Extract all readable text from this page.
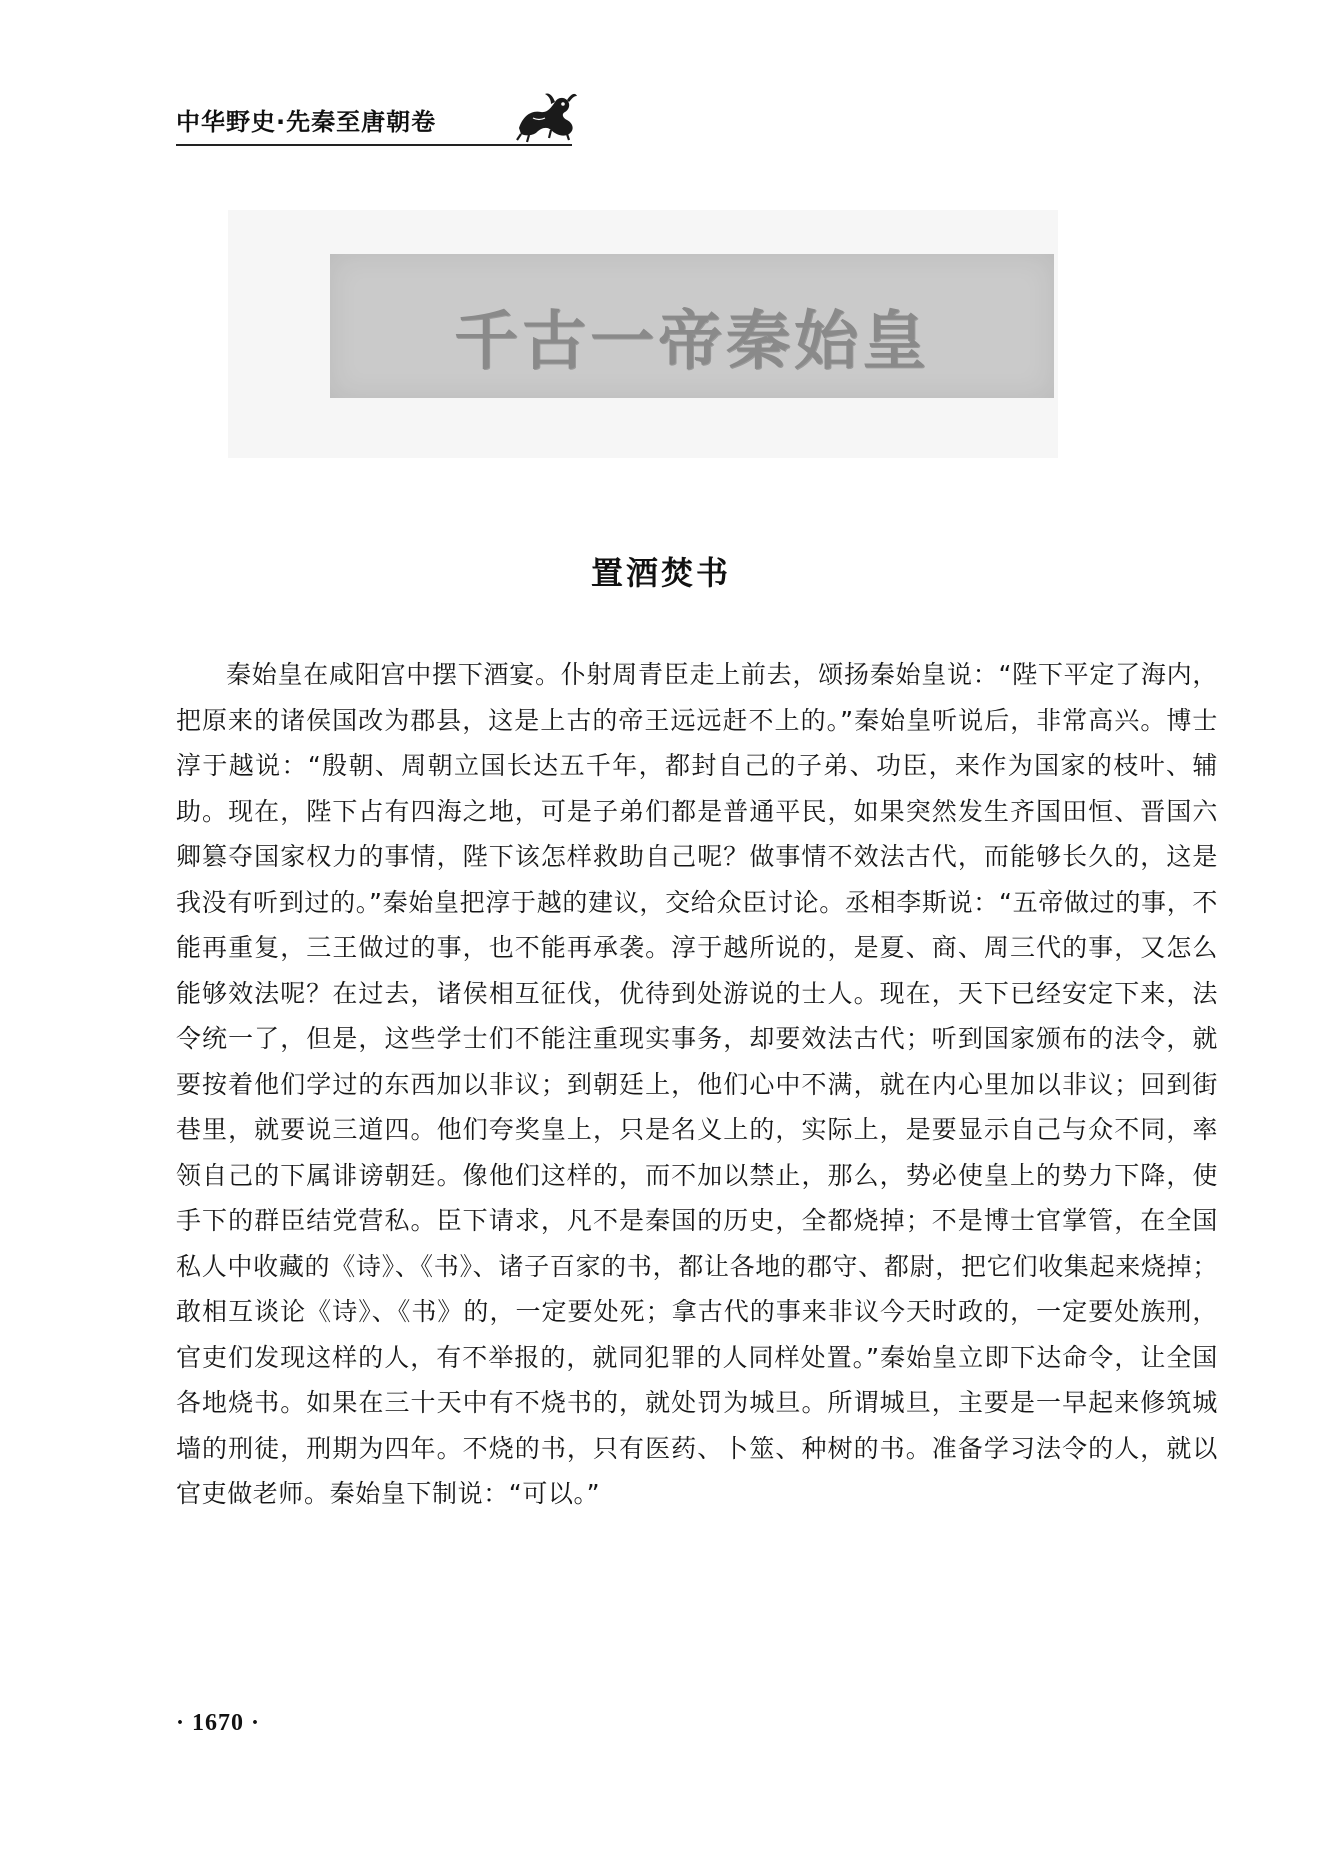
中华野史·先秦至唐朝卷
千古一帝秦始皇
置酒焚书

秦始皇在咸阳宫中摆下酒宴。仆射周青臣走上前去，颂扬秦始皇说：“陛下平定了海内，把原来的诸侯国改为郡县，这是上古的帝王远远赶不上的。”秦始皇听说后，非常高兴。博士淳于越说：“殷朝、周朝立国长达五千年，都封自己的子弟、功臣，来作为国家的枝叶、辅助。现在，陛下占有四海之地，可是子弟们都是普通平民，如果突然发生齐国田恒、晋国六卿篡夺国家权力的事情，陛下该怎样救助自己呢？做事情不效法古代，而能够长久的，这是我没有听到过的。”秦始皇把淳于越的建议，交给众臣讨论。丞相李斯说：“五帝做过的事，不能再重复，三王做过的事，也不能再承袭。淳于越所说的，是夏、商、周三代的事，又怎么能够效法呢？在过去，诸侯相互征伐，优待到处游说的士人。现在，天下已经安定下来，法令统一了，但是，这些学士们不能注重现实事务，却要效法古代；听到国家颁布的法令，就要按着他们学过的东西加以非议；到朝廷上，他们心中不满，就在内心里加以非议；回到街巷里，就要说三道四。他们夸奖皇上，只是名义上的，实际上，是要显示自己与众不同，率领自己的下属诽谤朝廷。像他们这样的，而不加以禁止，那么，势必使皇上的势力下降，使手下的群臣结党营私。臣下请求，凡不是秦国的历史，全都烧掉；不是博士官掌管，在全国私人中收藏的《诗》、《书》、诸子百家的书，都让各地的郡守、都尉，把它们收集起来烧掉；敢相互谈论《诗》、《书》的，一定要处死；拿古代的事来非议今天时政的，一定要处族刑，官吏们发现这样的人，有不举报的，就同犯罪的人同样处置。”秦始皇立即下达命令，让全国各地烧书。如果在三十天中有不烧书的，就处罚为城旦。所谓城旦，主要是一早起来修筑城墙的刑徒，刑期为四年。不烧的书，只有医药、卜筮、种树的书。准备学习法令的人，就以官吏做老师。秦始皇下制说：“可以。”

· 1670 ·
